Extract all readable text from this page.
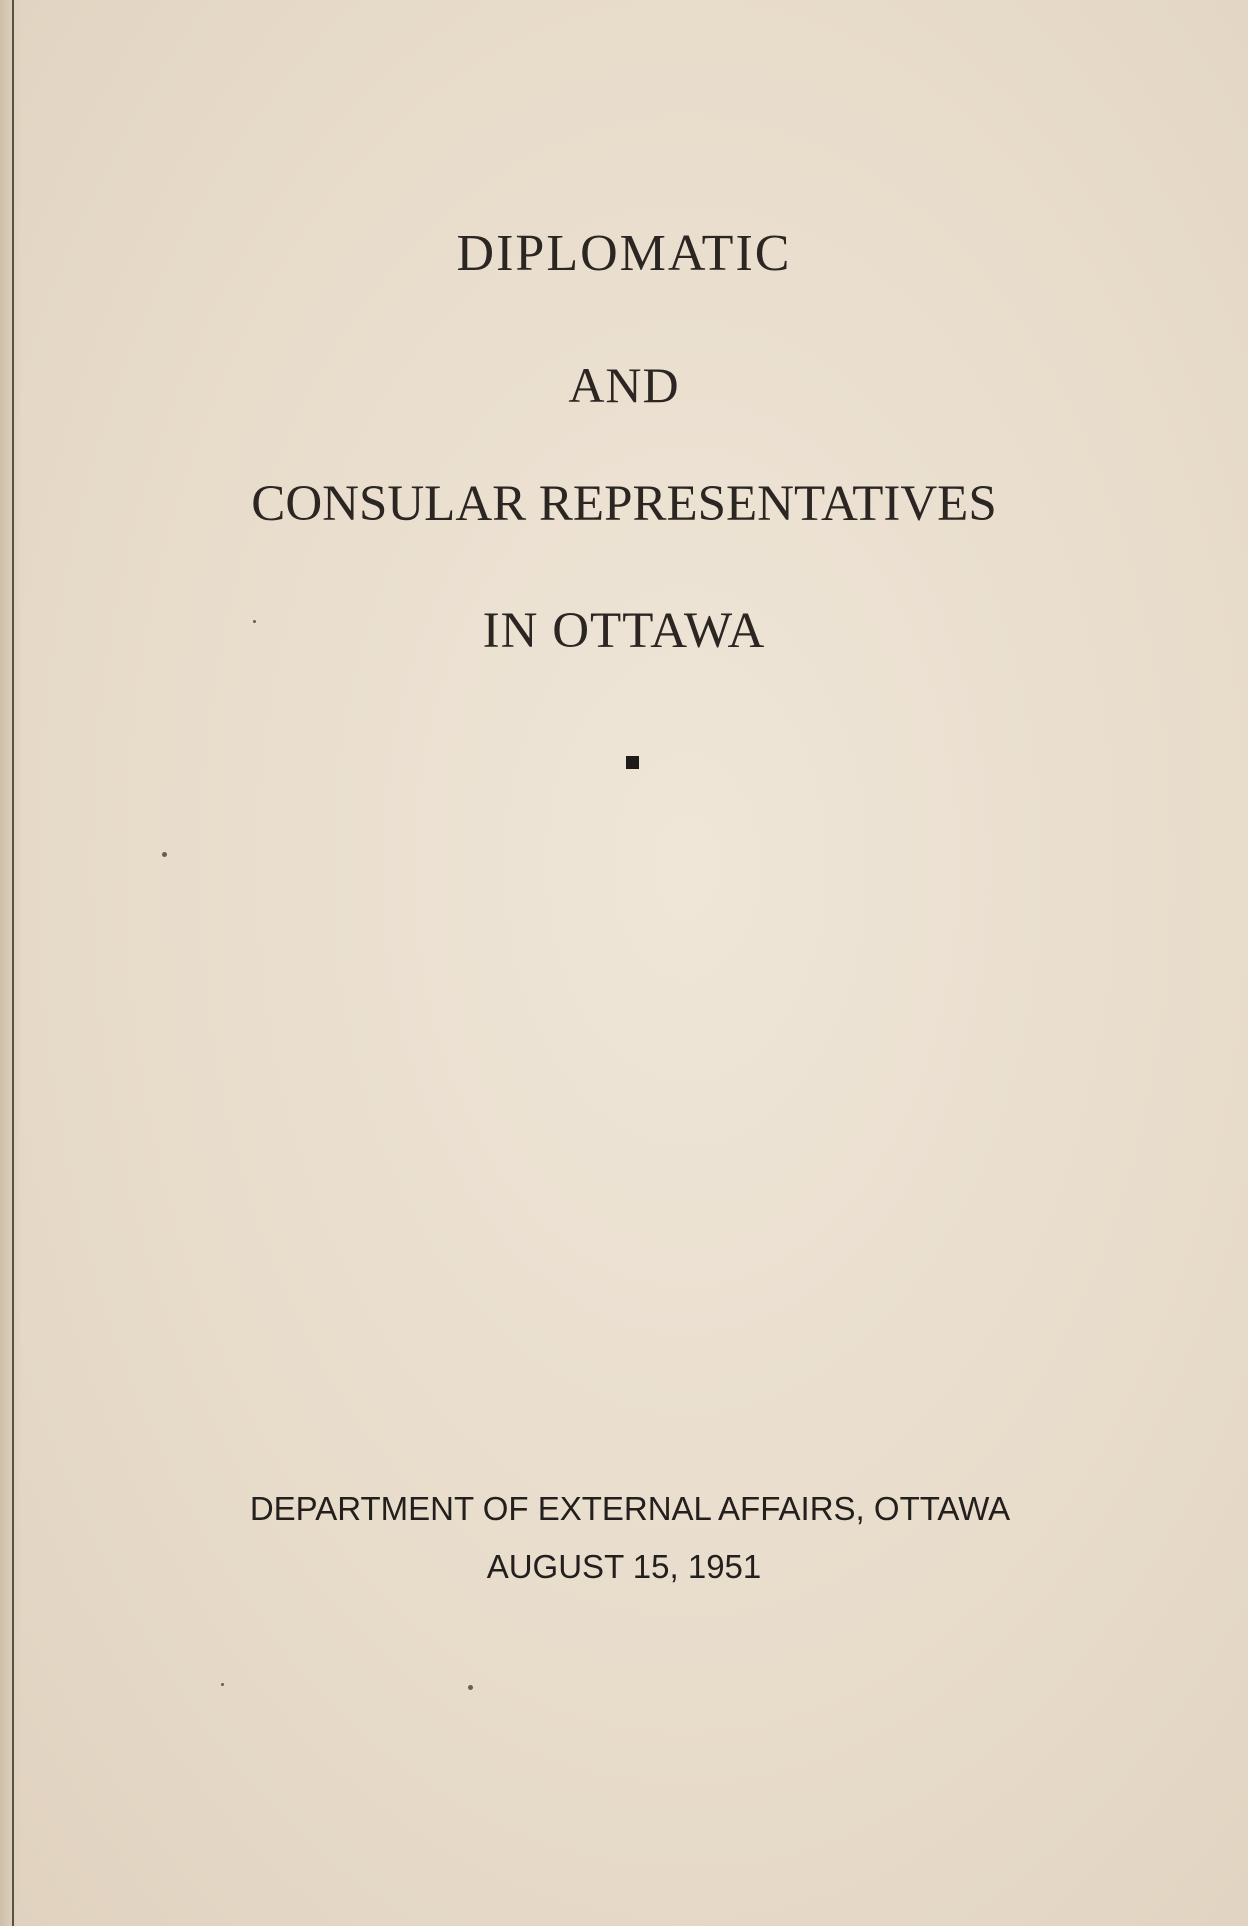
DIPLOMATIC
AND
CONSULAR REPRESENTATIVES
IN OTTAWA
DEPARTMENT OF EXTERNAL AFFAIRS, OTTAWA
AUGUST 15, 1951
